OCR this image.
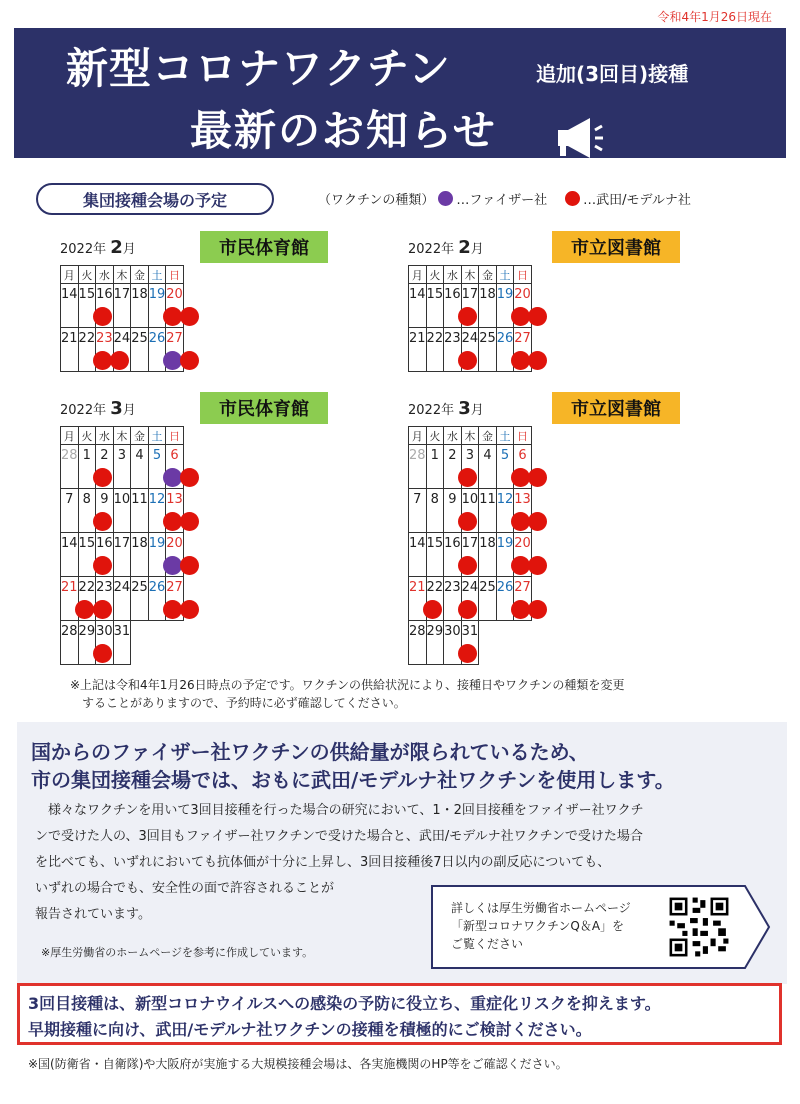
令和4年1月26日現在
新型コロナワクチン	追加(3回目)接種
最新のお知らせ
集団接種会場の予定	（ワクチンの種類） …ファイザー社	…武田/モデルナ社
2022年 2月	市民体育館
月	火	水	木	金	土	日
14	15	16	17	18	19	20

21	22	23	24	25	26	27
2022年 2月	市立図書館
月	火	水	木	金	土	日
14	15	16	17	18	19	20

21	22	23	24	25	26	27
2022年 3月	市民体育館
月	火	水	木	金	土	日
28	1	2	3	4	5	6

7	8	9	10	11	12	13

14	15	16	17	18	19	20

21	22	23	24	25	26	27

28	29	30	31			
2022年 3月	市立図書館
月	火	水	木	金	土	日
28	1	2	3	4	5	6

7	8	9	10	11	12	13

14	15	16	17	18	19	20

21	22	23	24	25	26	27

28	29	30	31			
※上記は令和4年1月26日時点の予定です。ワクチンの供給状況により、接種日やワクチンの種類を変更
することがありますので、予約時に必ず確認してください。
国からのファイザー社ワクチンの供給量が限られているため、
市の集団接種会場では、おもに武田/モデルナ社ワクチンを使用します。
　様々なワクチンを用いて3回目接種を行った場合の研究において、1・2回目接種をファイザー社ワクチ
ンで受けた人の、3回目もファイザー社ワクチンで受けた場合と、武田/モデルナ社ワクチンで受けた場合
を比べても、いずれにおいても抗体価が十分に上昇し、3回目接種後7日以内の副反応についても、
いずれの場合でも、安全性の面で許容されることが
報告されています。
※厚生労働省のホームページを参考に作成しています。
詳しくは厚生労働省ホームページ
「新型コロナワクチンQ＆A」を
ご覧ください
3回目接種は、新型コロナウイルスへの感染の予防に役立ち、重症化リスクを抑えます。
早期接種に向け、武田/モデルナ社ワクチンの接種を積極的にご検討ください。
※国(防衛省・自衛隊)や大阪府が実施する大規模接種会場は、各実施機関のHP等をご確認ください。
